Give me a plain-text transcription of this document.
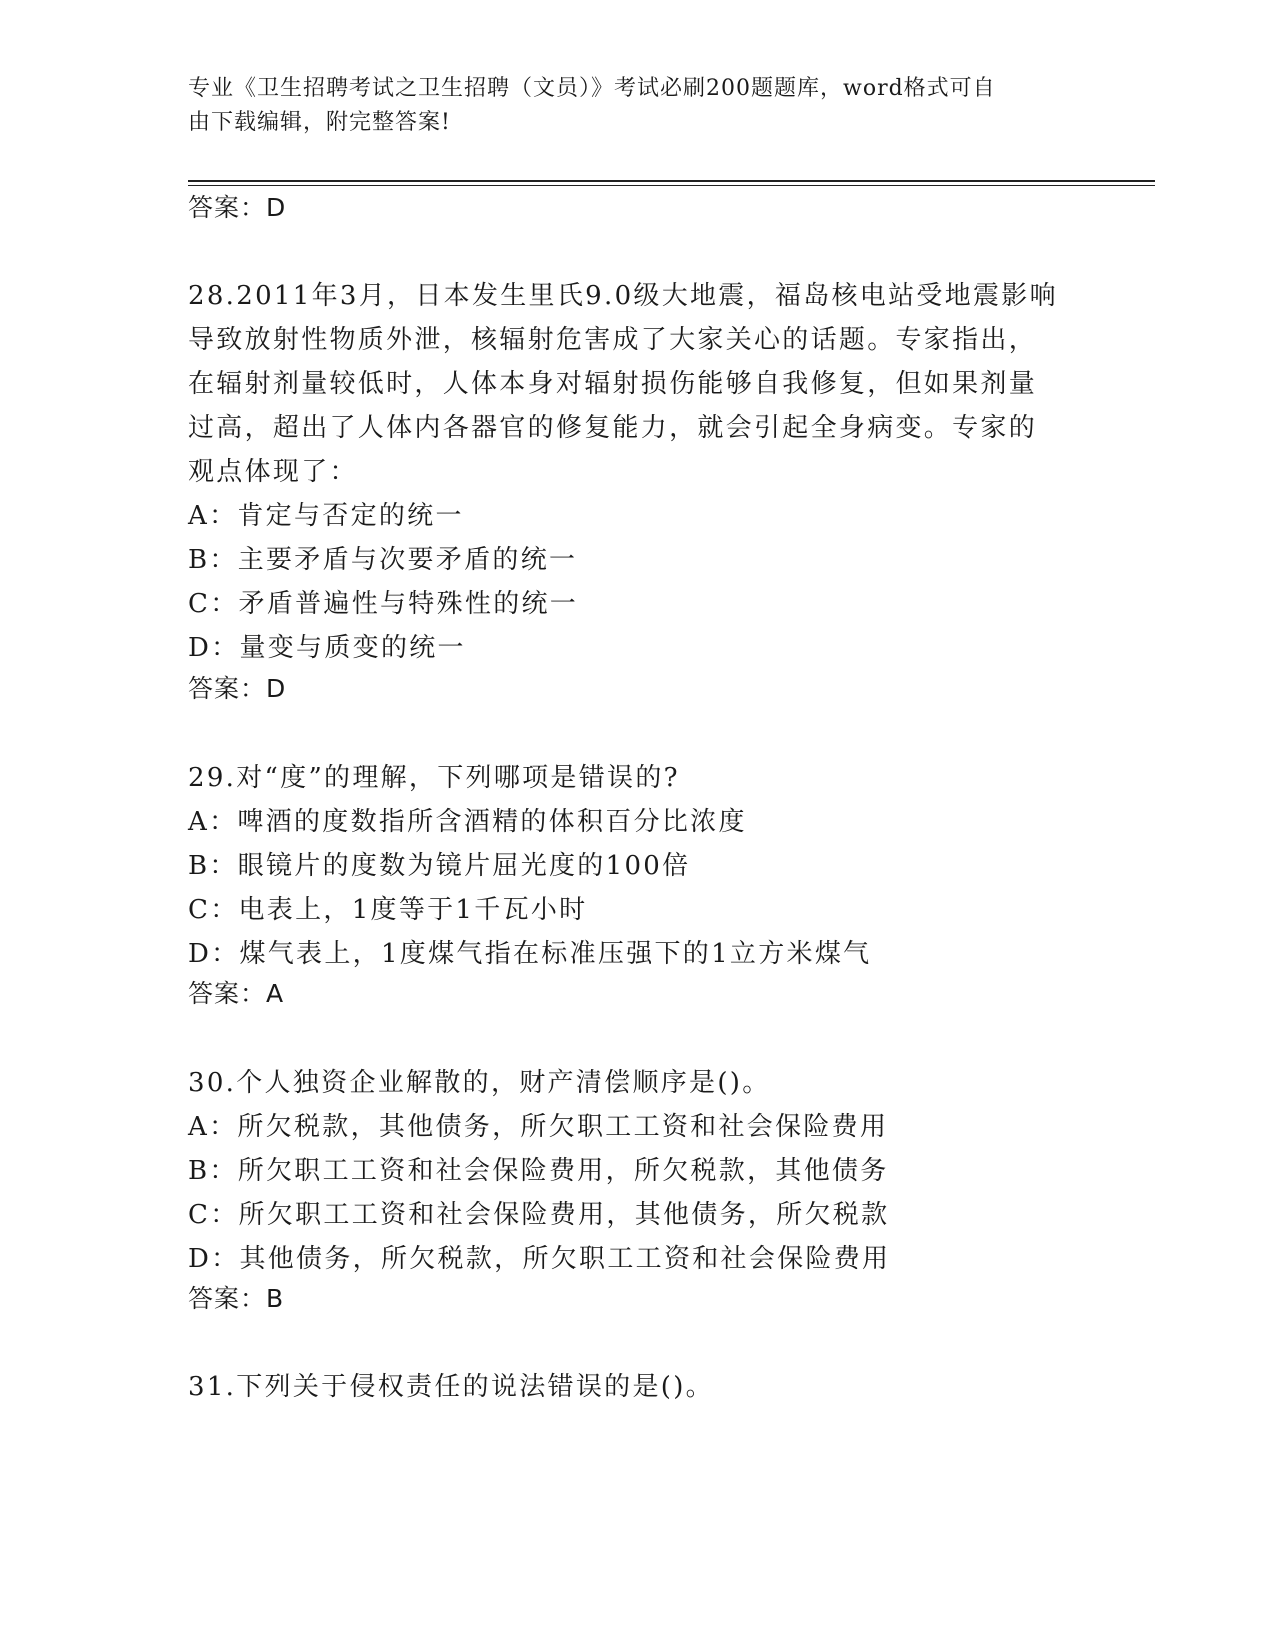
专业《卫生招聘考试之卫生招聘（文员）》考试必刷200题题库，word格式可自
由下载编辑，附完整答案!
答案：D
28.2011年3月，日本发生里氏9.0级大地震，福岛核电站受地震影响
导致放射性物质外泄，核辐射危害成了大家关心的话题。专家指出，
在辐射剂量较低时，人体本身对辐射损伤能够自我修复，但如果剂量
过高，超出了人体内各器官的修复能力，就会引起全身病变。专家的
观点体现了：
A：肯定与否定的统一
B：主要矛盾与次要矛盾的统一
C：矛盾普遍性与特殊性的统一
D：量变与质变的统一
答案：D
29.对“度”的理解，下列哪项是错误的?
A：啤酒的度数指所含酒精的体积百分比浓度
B：眼镜片的度数为镜片屈光度的100倍
C：电表上，1度等于1千瓦小时
D：煤气表上，1度煤气指在标准压强下的1立方米煤气
答案：A
30.个人独资企业解散的，财产清偿顺序是()。
A：所欠税款，其他债务，所欠职工工资和社会保险费用
B：所欠职工工资和社会保险费用，所欠税款，其他债务
C：所欠职工工资和社会保险费用，其他债务，所欠税款
D：其他债务，所欠税款，所欠职工工资和社会保险费用
答案：B
31.下列关于侵权责任的说法错误的是()。
